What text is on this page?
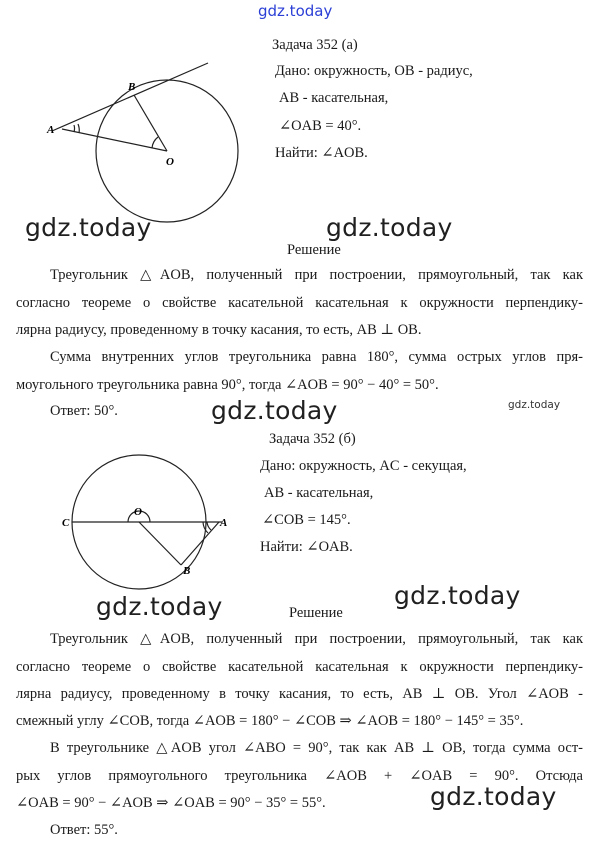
gdz.today
A
B
O
Задача 352 (а)
Дано: окружность, OB - радиус,
AB - касательная,
∠OAB = 40°.
Найти: ∠AOB.
gdz.today	gdz.today
Решение
Треугольник △AOB, полученный при построении, прямоугольный, так как
согласно теореме о свойстве касательной касательная к окружности перпендику-
лярна радиусу, проведенному в точку касания, то есть, AB ⊥ OB.
Сумма внутренних углов треугольника равна 180°, сумма острых углов пря-
моугольного треугольника равна 90°, тогда ∠AOB = 90° − 40° = 50°.
Ответ: 50°.	gdz.today	gdz.today
C
O
A
B
Задача 352 (б)
Дано: окружность, AC - секущая,
AB - касательная,
∠COB = 145°.
Найти: ∠OAB.
gdz.today	gdz.today
Решение
Треугольник △AOB, полученный при построении, прямоугольный, так как
согласно теореме о свойстве касательной касательная к окружности перпендику-
лярна радиусу, проведенному в точку касания, то есть, AB ⊥ OB. Угол ∠AOB -
смежный углу ∠COB, тогда ∠AOB = 180° − ∠COB ⇒ ∠AOB = 180° − 145° = 35°.
В треугольнике △AOB угол ∠ABO = 90°, так как AB ⊥ OB, тогда сумма ост-
рых углов прямоугольного треугольника ∠AOB + ∠OAB = 90°. Отсюда
∠OAB = 90° − ∠AOB ⇒ ∠OAB = 90° − 35° = 55°.	gdz.today
Ответ: 55°.
